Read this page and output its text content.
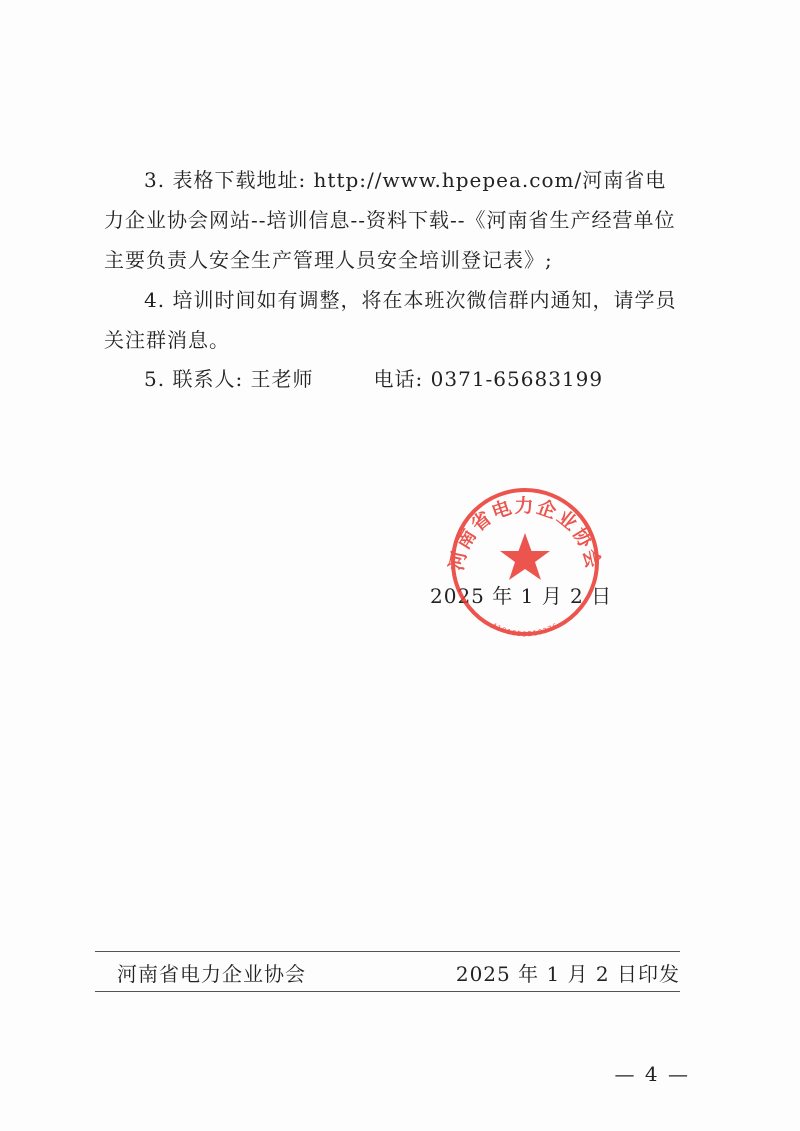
3. 表格下载地址: http://www.hpepea.com/河南省电力企业协会网站--培训信息--资料下载--《河南省生产经营单位主要负责人安全生产管理人员安全培训登记表》;

4. 培训时间如有调整，将在本班次微信群内通知，请学员关注群消息。

5. 联系人: 王老师	电话: 0371-65683199

2025 年 1 月 2 日
河南省电力企业协会
4101055210376
河南省电力企业协会	2025 年 1 月 2 日印发
— 4 —
